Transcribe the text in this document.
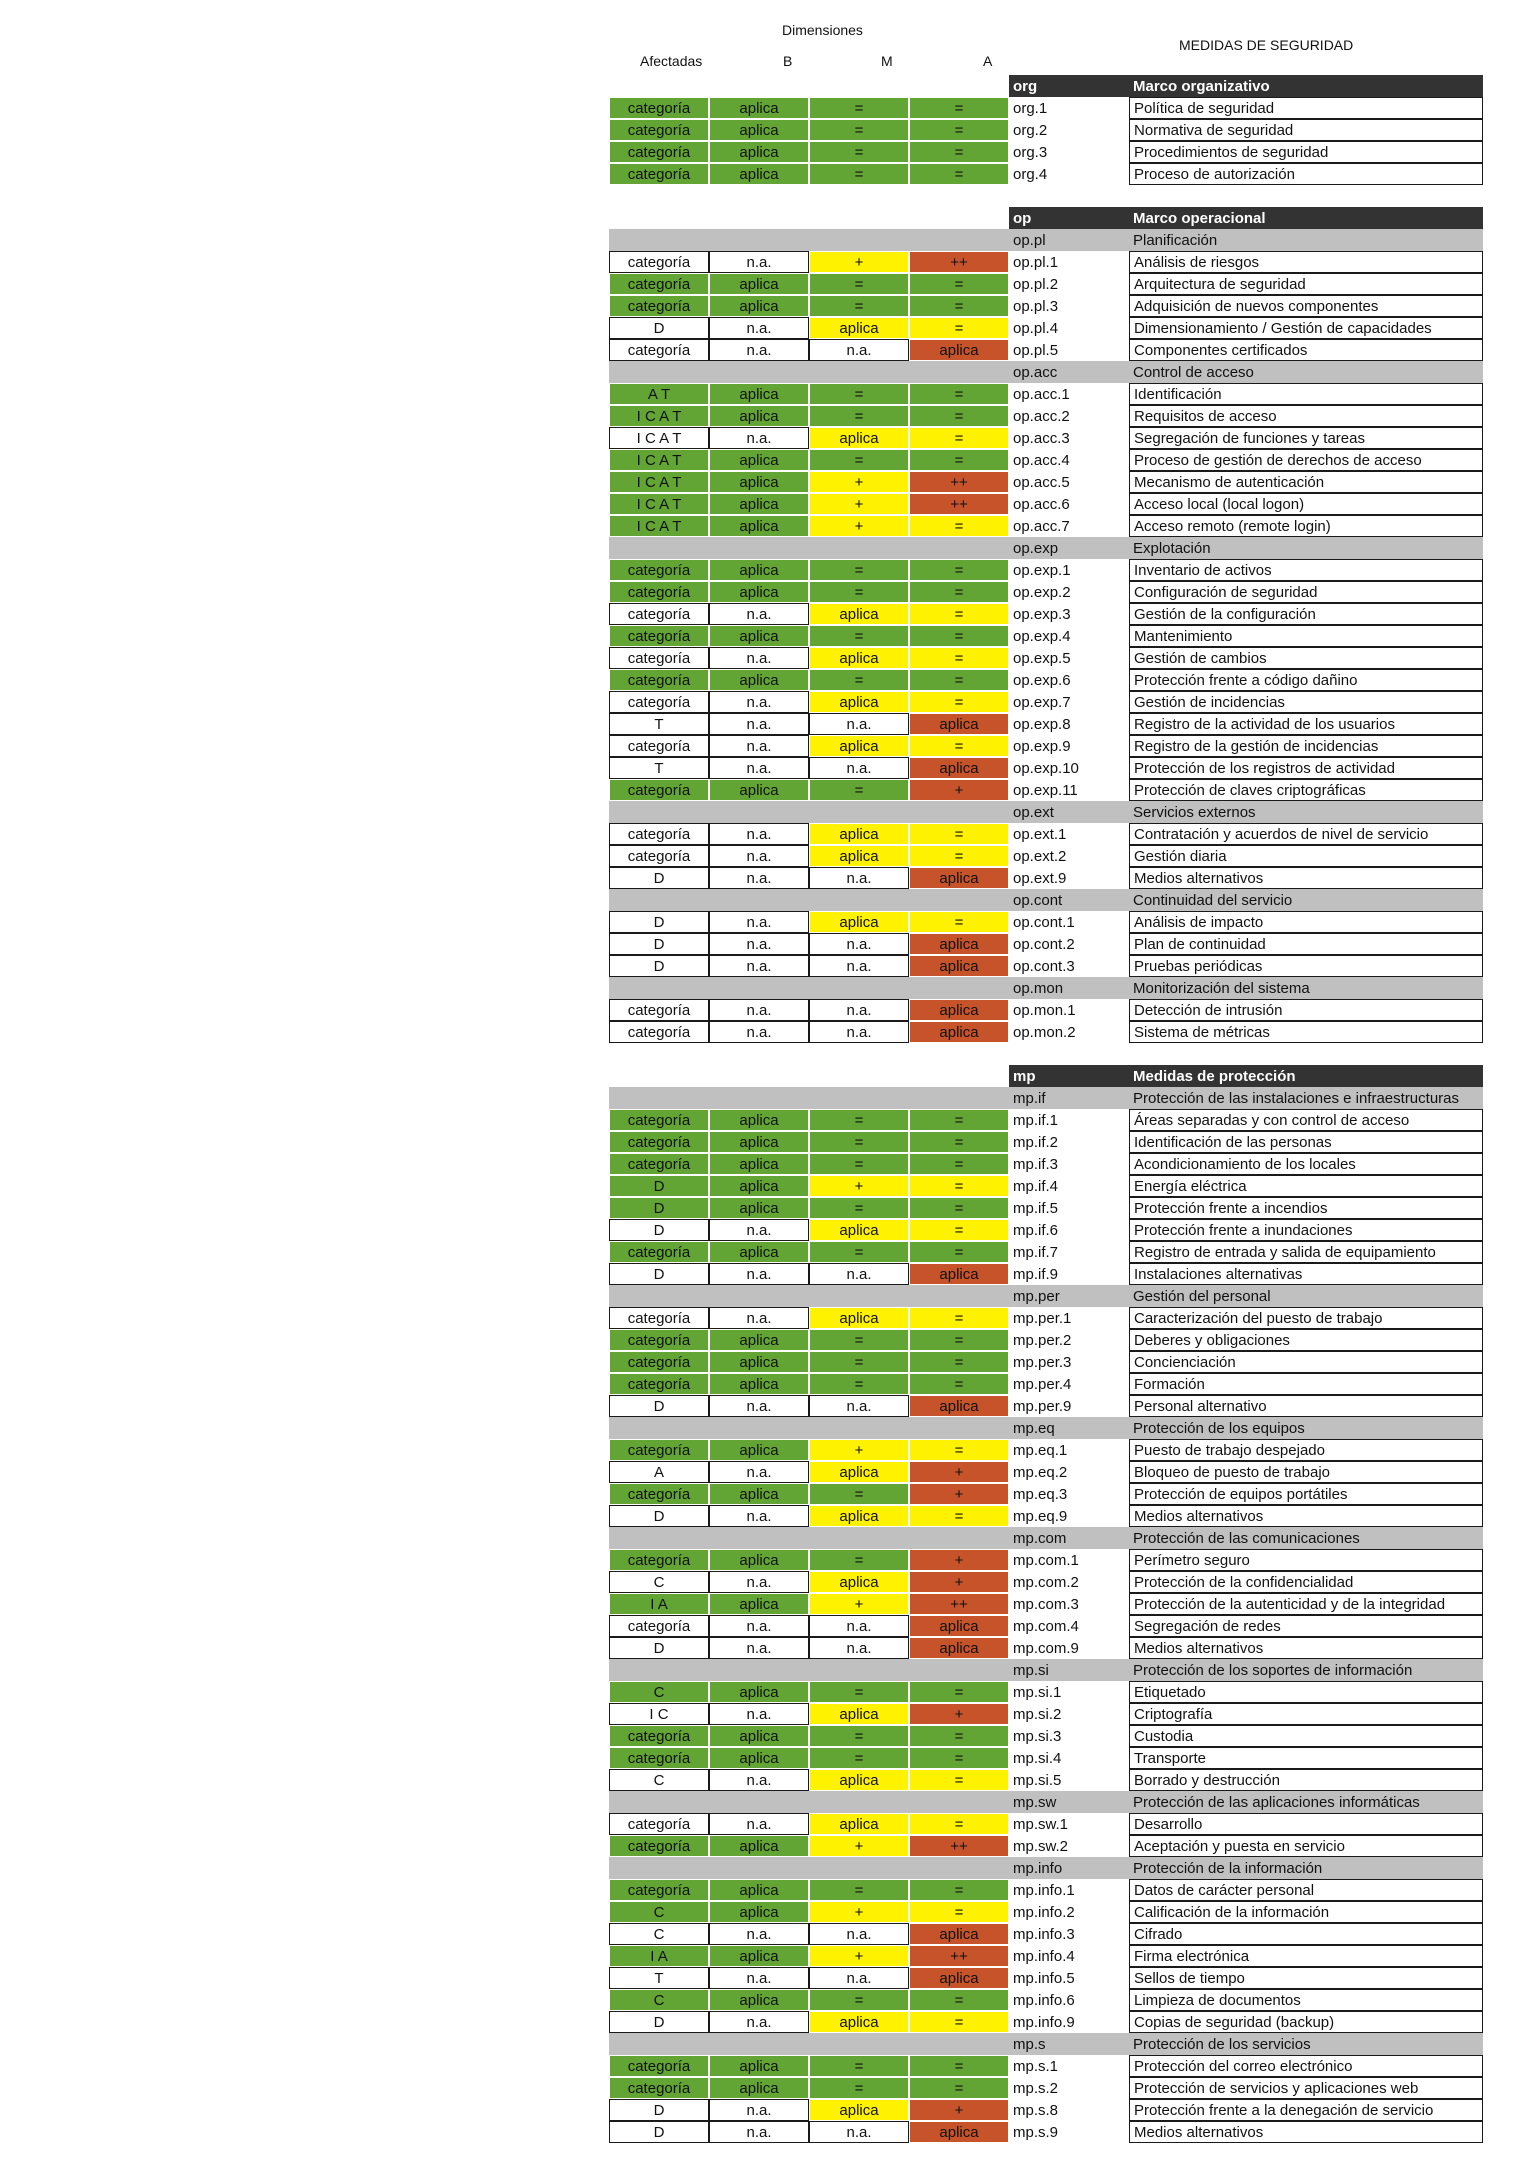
Dimensiones
MEDIDAS DE SEGURIDAD
Afectadas	B	M	A
org	Marco organizativo
categoría	aplica	=	=	org.1	Política de seguridad
categoría	aplica	=	=	org.2	Normativa de seguridad
categoría	aplica	=	=	org.3	Procedimientos de seguridad
categoría	aplica	=	=	org.4	Proceso de autorización
op	Marco operacional
op.pl	Planificación
categoría	n.a.	+	++	op.pl.1	Análisis de riesgos
categoría	aplica	=	=	op.pl.2	Arquitectura de seguridad
categoría	aplica	=	=	op.pl.3	Adquisición de nuevos componentes
D	n.a.	aplica	=	op.pl.4	Dimensionamiento / Gestión de capacidades
categoría	n.a.	n.a.	aplica	op.pl.5	Componentes certificados
op.acc	Control de acceso
A T	aplica	=	=	op.acc.1	Identificación
I C A T	aplica	=	=	op.acc.2	Requisitos de acceso
I C A T	n.a.	aplica	=	op.acc.3	Segregación de funciones y tareas
I C A T	aplica	=	=	op.acc.4	Proceso de gestión de derechos de acceso
I C A T	aplica	+	++	op.acc.5	Mecanismo de autenticación
I C A T	aplica	+	++	op.acc.6	Acceso local (local logon)
I C A T	aplica	+	=	op.acc.7	Acceso remoto (remote login)
op.exp	Explotación
categoría	aplica	=	=	op.exp.1	Inventario de activos
categoría	aplica	=	=	op.exp.2	Configuración de seguridad
categoría	n.a.	aplica	=	op.exp.3	Gestión de la configuración
categoría	aplica	=	=	op.exp.4	Mantenimiento
categoría	n.a.	aplica	=	op.exp.5	Gestión de cambios
categoría	aplica	=	=	op.exp.6	Protección frente a código dañino
categoría	n.a.	aplica	=	op.exp.7	Gestión de incidencias
T	n.a.	n.a.	aplica	op.exp.8	Registro de la actividad de los usuarios
categoría	n.a.	aplica	=	op.exp.9	Registro de la gestión de incidencias
T	n.a.	n.a.	aplica	op.exp.10	Protección de los registros de actividad
categoría	aplica	=	+	op.exp.11	Protección de claves criptográficas
op.ext	Servicios externos
categoría	n.a.	aplica	=	op.ext.1	Contratación y acuerdos de nivel de servicio
categoría	n.a.	aplica	=	op.ext.2	Gestión diaria
D	n.a.	n.a.	aplica	op.ext.9	Medios alternativos
op.cont	Continuidad del servicio
D	n.a.	aplica	=	op.cont.1	Análisis de impacto
D	n.a.	n.a.	aplica	op.cont.2	Plan de continuidad
D	n.a.	n.a.	aplica	op.cont.3	Pruebas periódicas
op.mon	Monitorización del sistema
categoría	n.a.	n.a.	aplica	op.mon.1	Detección de intrusión
categoría	n.a.	n.a.	aplica	op.mon.2	Sistema de métricas
mp	Medidas de protección
mp.if	Protección de las instalaciones e infraestructuras
categoría	aplica	=	=	mp.if.1	Áreas separadas y con control de acceso
categoría	aplica	=	=	mp.if.2	Identificación de las personas
categoría	aplica	=	=	mp.if.3	Acondicionamiento de los locales
D	aplica	+	=	mp.if.4	Energía eléctrica
D	aplica	=	=	mp.if.5	Protección frente a incendios
D	n.a.	aplica	=	mp.if.6	Protección frente a inundaciones
categoría	aplica	=	=	mp.if.7	Registro de entrada y salida de equipamiento
D	n.a.	n.a.	aplica	mp.if.9	Instalaciones alternativas
mp.per	Gestión del personal
categoría	n.a.	aplica	=	mp.per.1	Caracterización del puesto de trabajo
categoría	aplica	=	=	mp.per.2	Deberes y obligaciones
categoría	aplica	=	=	mp.per.3	Concienciación
categoría	aplica	=	=	mp.per.4	Formación
D	n.a.	n.a.	aplica	mp.per.9	Personal alternativo
mp.eq	Protección de los equipos
categoría	aplica	+	=	mp.eq.1	Puesto de trabajo despejado
A	n.a.	aplica	+	mp.eq.2	Bloqueo de puesto de trabajo
categoría	aplica	=	+	mp.eq.3	Protección de equipos portátiles
D	n.a.	aplica	=	mp.eq.9	Medios alternativos
mp.com	Protección de las comunicaciones
categoría	aplica	=	+	mp.com.1	Perímetro seguro
C	n.a.	aplica	+	mp.com.2	Protección de la confidencialidad
I A	aplica	+	++	mp.com.3	Protección de la autenticidad y de la integridad
categoría	n.a.	n.a.	aplica	mp.com.4	Segregación de redes
D	n.a.	n.a.	aplica	mp.com.9	Medios alternativos
mp.si	Protección de los soportes de información
C	aplica	=	=	mp.si.1	Etiquetado
I C	n.a.	aplica	+	mp.si.2	Criptografía
categoría	aplica	=	=	mp.si.3	Custodia
categoría	aplica	=	=	mp.si.4	Transporte
C	n.a.	aplica	=	mp.si.5	Borrado y destrucción
mp.sw	Protección de las aplicaciones informáticas
categoría	n.a.	aplica	=	mp.sw.1	Desarrollo
categoría	aplica	+	++	mp.sw.2	Aceptación y puesta en servicio
mp.info	Protección de la información
categoría	aplica	=	=	mp.info.1	Datos de carácter personal
C	aplica	+	=	mp.info.2	Calificación de la información
C	n.a.	n.a.	aplica	mp.info.3	Cifrado
I A	aplica	+	++	mp.info.4	Firma electrónica
T	n.a.	n.a.	aplica	mp.info.5	Sellos de tiempo
C	aplica	=	=	mp.info.6	Limpieza de documentos
D	n.a.	aplica	=	mp.info.9	Copias de seguridad (backup)
mp.s	Protección de los servicios
categoría	aplica	=	=	mp.s.1	Protección del correo electrónico
categoría	aplica	=	=	mp.s.2	Protección de servicios y aplicaciones web
D	n.a.	aplica	+	mp.s.8	Protección frente a la denegación de servicio
D	n.a.	n.a.	aplica	mp.s.9	Medios alternativos
